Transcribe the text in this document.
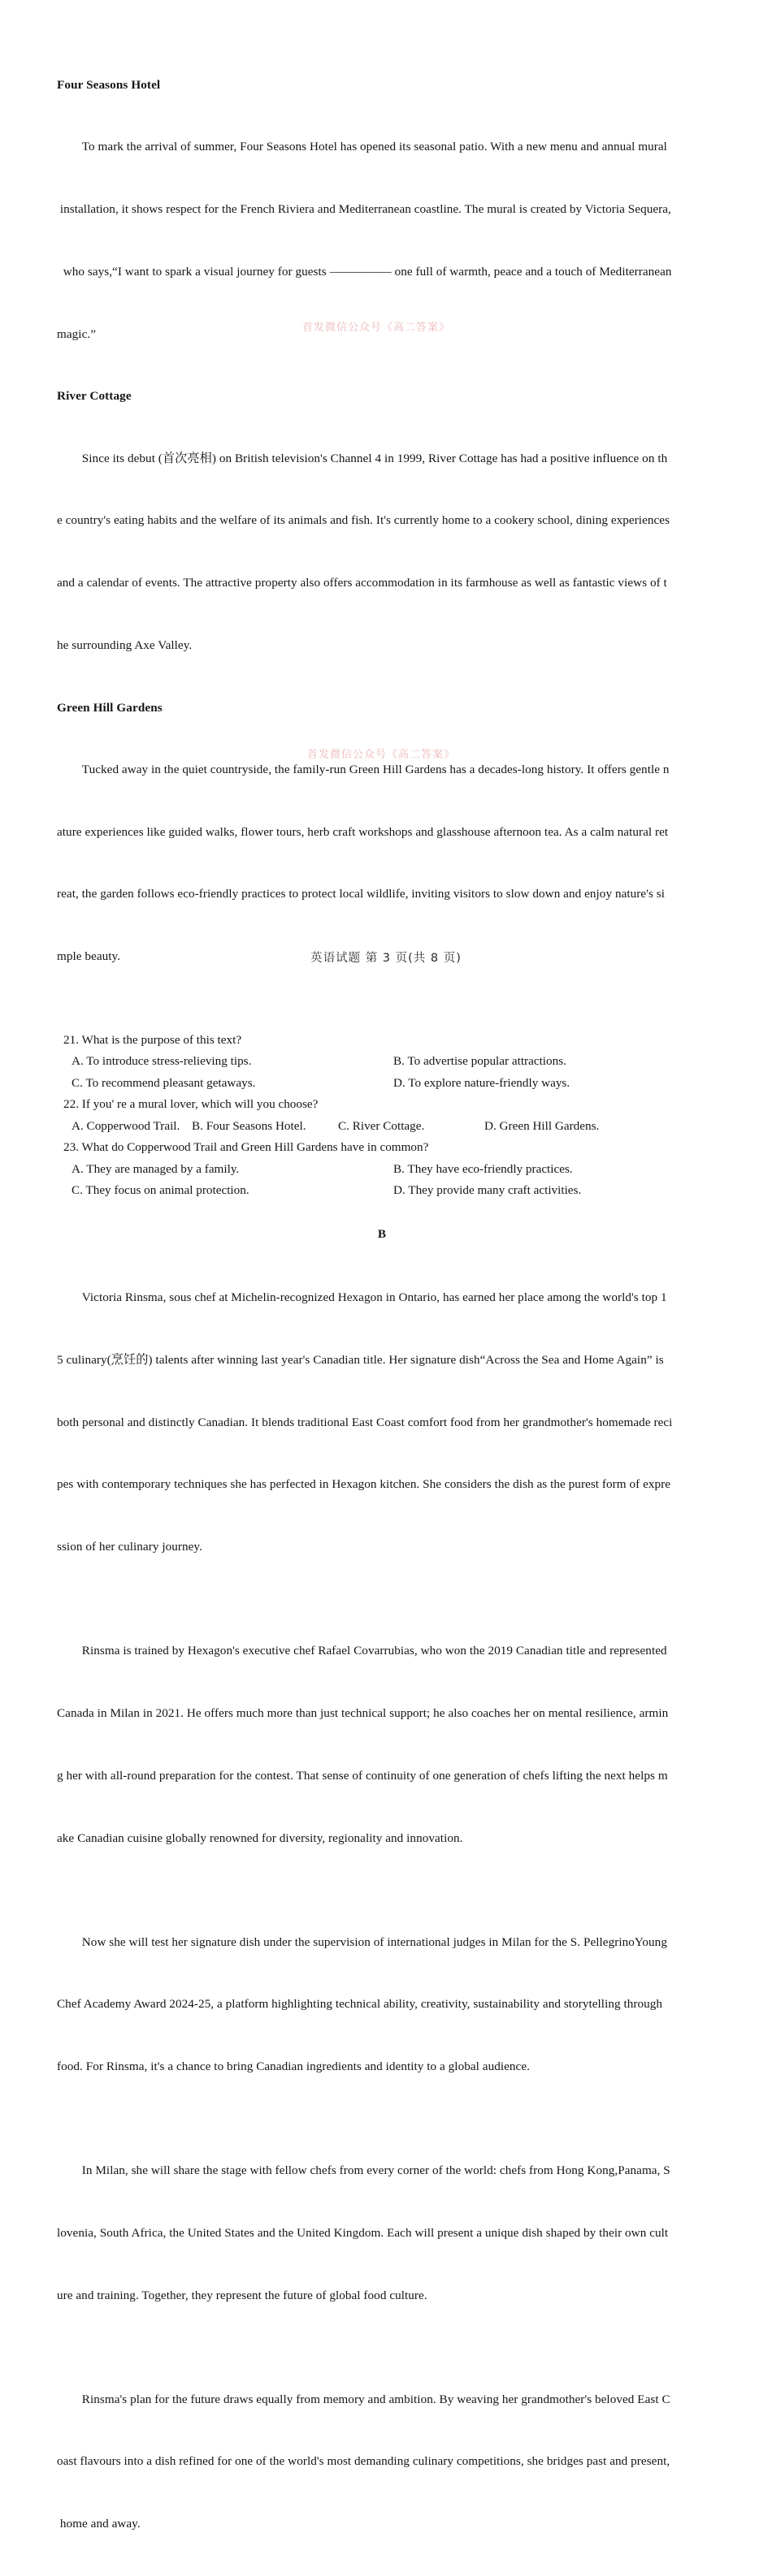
Four Seasons Hotel

To mark the arrival of summer, Four Seasons Hotel has opened its seasonal patio. With a new menu and annual mural

installation, it shows respect for the French Riviera and Mediterranean coastline. The mural is created by Victoria Sequera,

who says,“I want to spark a visual journey for guests ————— one full of warmth, peace and a touch of Mediterranean

magic.”

River Cottage

Since its debut (首次亮相) on British television's Channel 4 in 1999, River Cottage has had a positive influence on th

e country's eating habits and the welfare of its animals and fish. It's currently home to a cookery school, dining experiences

and a calendar of events. The attractive property also offers accommodation in its farmhouse as well as fantastic views of t

he surrounding Axe Valley.

Green Hill Gardens

Tucked away in the quiet countryside, the family-run Green Hill Gardens has a decades-long history. It offers gentle n

ature experiences like guided walks, flower tours, herb craft workshops and glasshouse afternoon tea. As a calm natural ret

reat, the garden follows eco-friendly practices to protect local wildlife, inviting visitors to slow down and enjoy nature's si

mple beauty.

21. What is the purpose of this text?

A. To introduce stress-relieving tips.	B. To advertise popular attractions.
C. To recommend pleasant getaways.	D. To explore nature-friendly ways.

22. If you' re a mural lover, which will you choose?

A. Copperwood Trail. B. Four Seasons Hotel.	C. River Cottage.	D. Green Hill Gardens.

23. What do Copperwood Trail and Green Hill Gardens have in common?

A. They are managed by a family.	B. They have eco-friendly practices.
C. They focus on animal protection.	D. They provide many craft activities.

B

Victoria Rinsma, sous chef at Michelin-recognized Hexagon in Ontario, has earned her place among the world's top 1

5 culinary(烹饪的) talents after winning last year's Canadian title. Her signature dish“Across the Sea and Home Again” is

both personal and distinctly Canadian. It blends traditional East Coast comfort food from her grandmother's homemade reci

pes with contemporary techniques she has perfected in Hexagon kitchen. She considers the dish as the purest form of expre

ssion of her culinary journey.

Rinsma is trained by Hexagon's executive chef Rafael Covarrubias, who won the 2019 Canadian title and represented

Canada in Milan in 2021. He offers much more than just technical support; he also coaches her on mental resilience, armin

g her with all-round preparation for the contest. That sense of continuity of one generation of chefs lifting the next helps m

ake Canadian cuisine globally renowned for diversity, regionality and innovation.

Now she will test her signature dish under the supervision of international judges in Milan for the S. PellegrinoYoung

Chef Academy Award 2024-25, a platform highlighting technical ability, creativity, sustainability and storytelling through

food. For Rinsma, it's a chance to bring Canadian ingredients and identity to a global audience.

In Milan, she will share the stage with fellow chefs from every corner of the world: chefs from Hong Kong,Panama, S

lovenia, South Africa, the United States and the United Kingdom. Each will present a unique dish shaped by their own cult

ure and training. Together, they represent the future of global food culture.

Rinsma's plan for the future draws equally from memory and ambition. By weaving her grandmother's beloved East C

oast flavours into a dish refined for one of the world's most demanding culinary competitions, she bridges past and present,

home and away.

首发微信公众号《高二答案》
首发微信公众号《高二答案》
英语试题 第 3 页(共 8 页)
